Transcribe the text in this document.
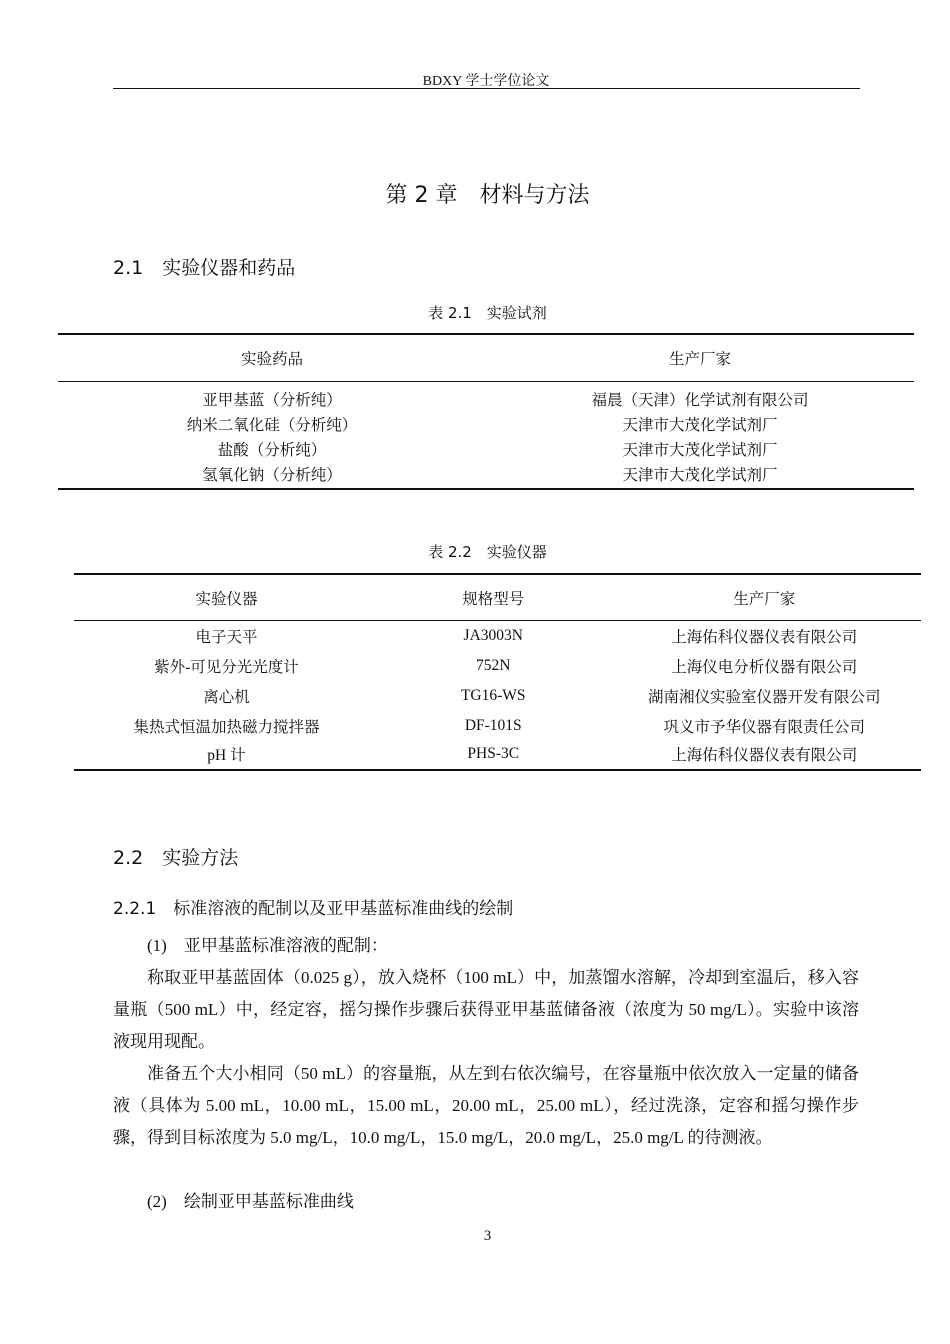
BDXY 学士学位论文
第 2 章　材料与方法
2.1　实验仪器和药品
表 2.1　实验试剂
实验药品	生产厂家
亚甲基蓝（分析纯）	福晨（天津）化学试剂有限公司
纳米二氧化硅（分析纯）	天津市大茂化学试剂厂
盐酸（分析纯）	天津市大茂化学试剂厂
氢氧化钠（分析纯）	天津市大茂化学试剂厂
表 2.2　实验仪器
实验仪器	规格型号	生产厂家
电子天平	JA3003N	上海佑科仪器仪表有限公司
紫外-可见分光光度计	752N	上海仪电分析仪器有限公司
离心机	TG16-WS	湖南湘仪实验室仪器开发有限公司
集热式恒温加热磁力搅拌器	DF-101S	巩义市予华仪器有限责任公司
pH 计	PHS-3C	上海佑科仪器仪表有限公司
2.2　实验方法
2.2.1　标准溶液的配制以及亚甲基蓝标准曲线的绘制
(1)　亚甲基蓝标准溶液的配制：
称取亚甲基蓝固体（0.025 g），放入烧杯（100 mL）中，加蒸馏水溶解，冷却到室温后，移入容量瓶（500 mL）中，经定容，摇匀操作步骤后获得亚甲基蓝储备液（浓度为 50 mg/L）。实验中该溶液现用现配。
准备五个大小相同（50 mL）的容量瓶，从左到右依次编号，在容量瓶中依次放入一定量的储备液（具体为 5.00 mL，10.00 mL，15.00 mL，20.00 mL，25.00 mL），经过洗涤，定容和摇匀操作步骤，得到目标浓度为 5.0 mg/L，10.0 mg/L，15.0 mg/L，20.0 mg/L，25.0 mg/L 的待测液。
(2)　绘制亚甲基蓝标准曲线
3
